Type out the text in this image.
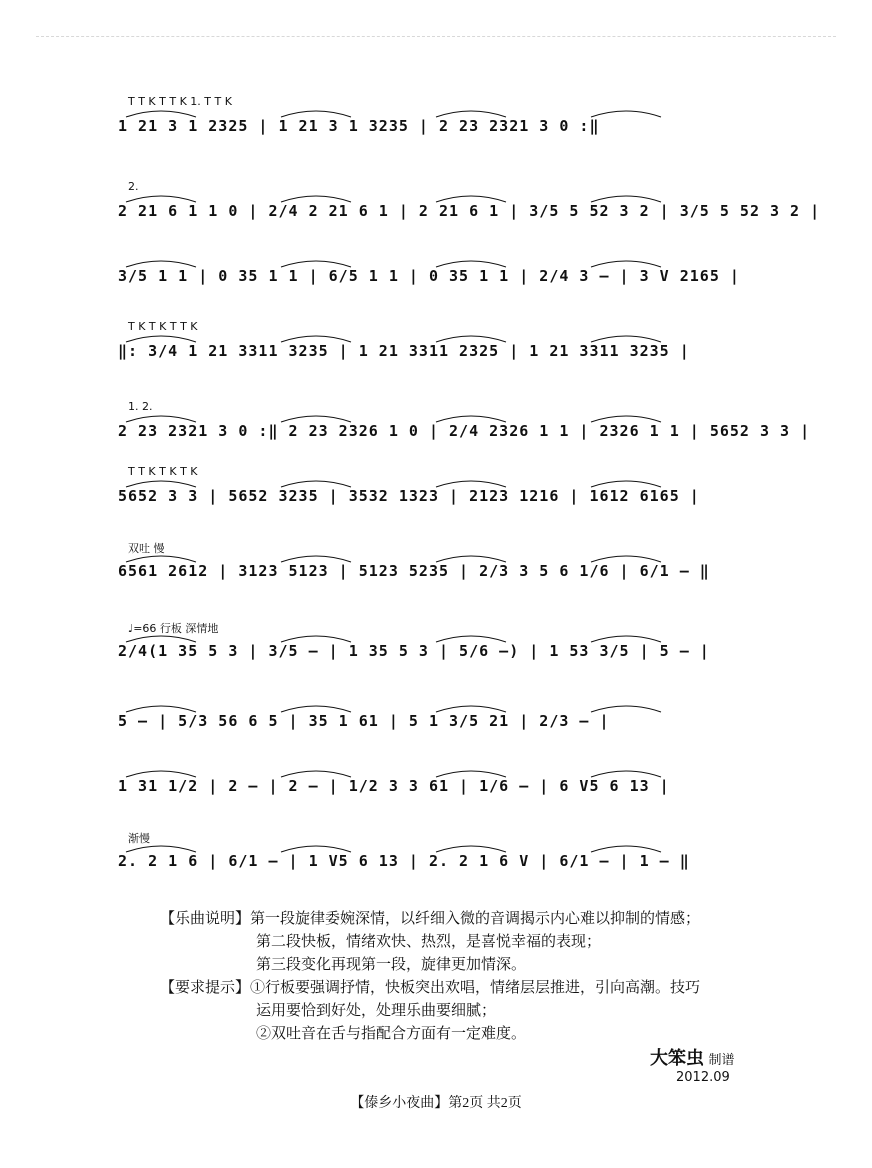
T T K T T K 1. T T K
1 21 3 1 2325 | 1 21 3 1 3235 | 2 23 2321 3 0 :‖
2.
2 21 6 1 1 0 | 2/4 2 21 6 1 | 2 21 6 1 | 3/5 5 52 3 2 | 3/5 5 52 3 2 |
3/5 1 1 | 0 35 1 1 | 6/5 1 1 | 0 35 1 1 | 2/4 3 – | 3 V 2165 |
T K T K T T K
‖: 3/4 1 21 3311 3235 | 1 21 3311 2325 | 1 21 3311 3235 |
1. 2.
2 23 2321 3 0 :‖ 2 23 2326 1 0 | 2/4 2326 1 1 | 2326 1 1 | 5652 3 3 |
T T K T K T K
5652 3 3 | 5652 3235 | 3532 1323 | 2123 1216 | 1612 6165 |
双吐 慢
6561 2612 | 3123 5123 | 5123 5235 | 2/3 3 5 6 1/6 | 6/1 – ‖
♩=66 行板 深情地
2/4(1 35 5 3 | 3/5 – | 1 35 5 3 | 5/6 –) | 1 53 3/5 | 5 – |
5 – | 5/3 56 6 5 | 35 1 61 | 5 1 3/5 21 | 2/3 – |
1 31 1/2 | 2 – | 2 – | 1/2 3 3 61 | 1/6 – | 6 V5 6 13 |
渐慢
2. 2 1 6 | 6/1 – | 1 V5 6 13 | 2. 2 1 6 V | 6/1 – | 1 – ‖
【乐曲说明】第一段旋律委婉深情，以纤细入微的音调揭示内心难以抑制的情感；
第二段快板，情绪欢快、热烈，是喜悦幸福的表现；
第三段变化再现第一段，旋律更加情深。
【要求提示】①行板要强调抒情，快板突出欢唱，情绪层层推进，引向高潮。技巧
运用要恰到好处，处理乐曲要细腻；
②双吐音在舌与指配合方面有一定难度。
大笨虫 制谱
2012.09
【傣乡小夜曲】第2页 共2页
